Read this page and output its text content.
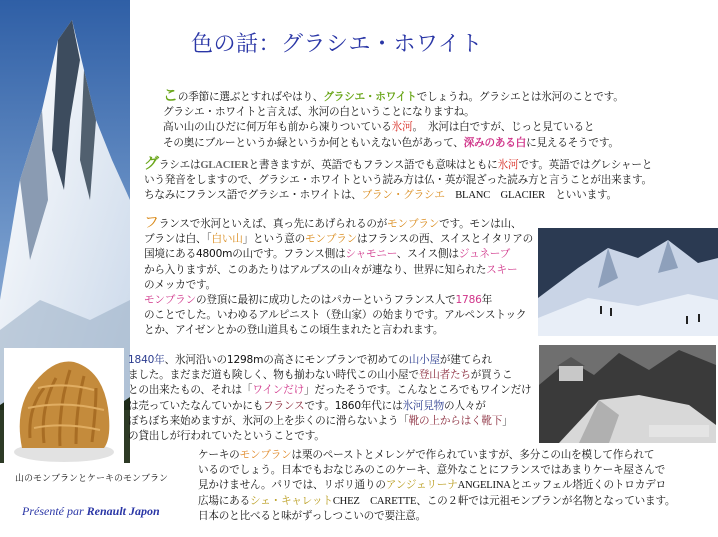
色の話：グラシエ・ホワイト
この季節に選ぶとすればやはり、グラシエ・ホワイトでしょうね。グラシエとは氷河のことです。
グラシエ・ホワイトと言えば、氷河の白ということになりますね。
高い山の山ひだに何万年も前から凍りついている氷河。　氷河は白ですが、じっと見ていると
その奥にブルーというか緑というか何ともいえない色があって、深みのある白に見えるそうです。
グラシエはGLACIERと書きますが、英語でもフランス語でも意味はともに氷河です。英語ではグレシャーと
いう発音をしますので、グラシエ・ホワイトという読み方は仏・英が混ざった読み方と言うことが出来ます。
ちなみにフランス語でグラシエ・ホワイトは、ブラン・グラシエ　BLANC　GLACIER　といいます。
フランスで氷河といえば、真っ先にあげられるのがモンブランです。モンは山、
ブランは白、「白い山」という意のモンブランはフランスの西、スイスとイタリアの
国境にある4800mの山です。フランス側はシャモニー、スイス側はジュネーブ
から入りますが、このあたりはアルプスの山々が連なり、世界に知られたスキー
のメッカです。
モンブランの登頂に最初に成功したのはパカーというフランス人で1786年
のことでした。いわゆるアルピニスト（登山家）の始まりです。アルペンストック
とか、アイゼンとかの登山道具もこの頃生まれたと言われます。
1840年、氷河沿いの1298mの高さにモンブランで初めての山小屋が建てられ
ました。まだまだ道も険しく、物も揃わない時代この山小屋で登山者たちが買うこ
との出来たもの、それは「ワインだけ」だったそうです。こんなところでもワインだけ
は売っていたなんていかにもフランスです。1860年代には氷河見物の人々が
ぼちぼち来始めますが、氷河の上を歩くのに滑らないよう「靴の上からはく靴下」
の貸出しが行われていたということです。
ケーキのモンブランは栗のペーストとメレンゲで作られていますが、多分この山を模して作られて
いるのでしょう。日本でもおなじみのこのケーキ、意外なことにフランスではあまりケーキ屋さんで
見かけません。パリでは、リボリ通りのアンジェリーナANGELINAとエッフェル塔近くのトロカデロ
広場にあるシェ・キャレットCHEZ　CARETTE、この２軒では元祖モンブランが名物となっています。
日本のと比べると味がずっしつこいので要注意。
山のモンブランとケーキのモンブラン
Présenté par Renault Japon
